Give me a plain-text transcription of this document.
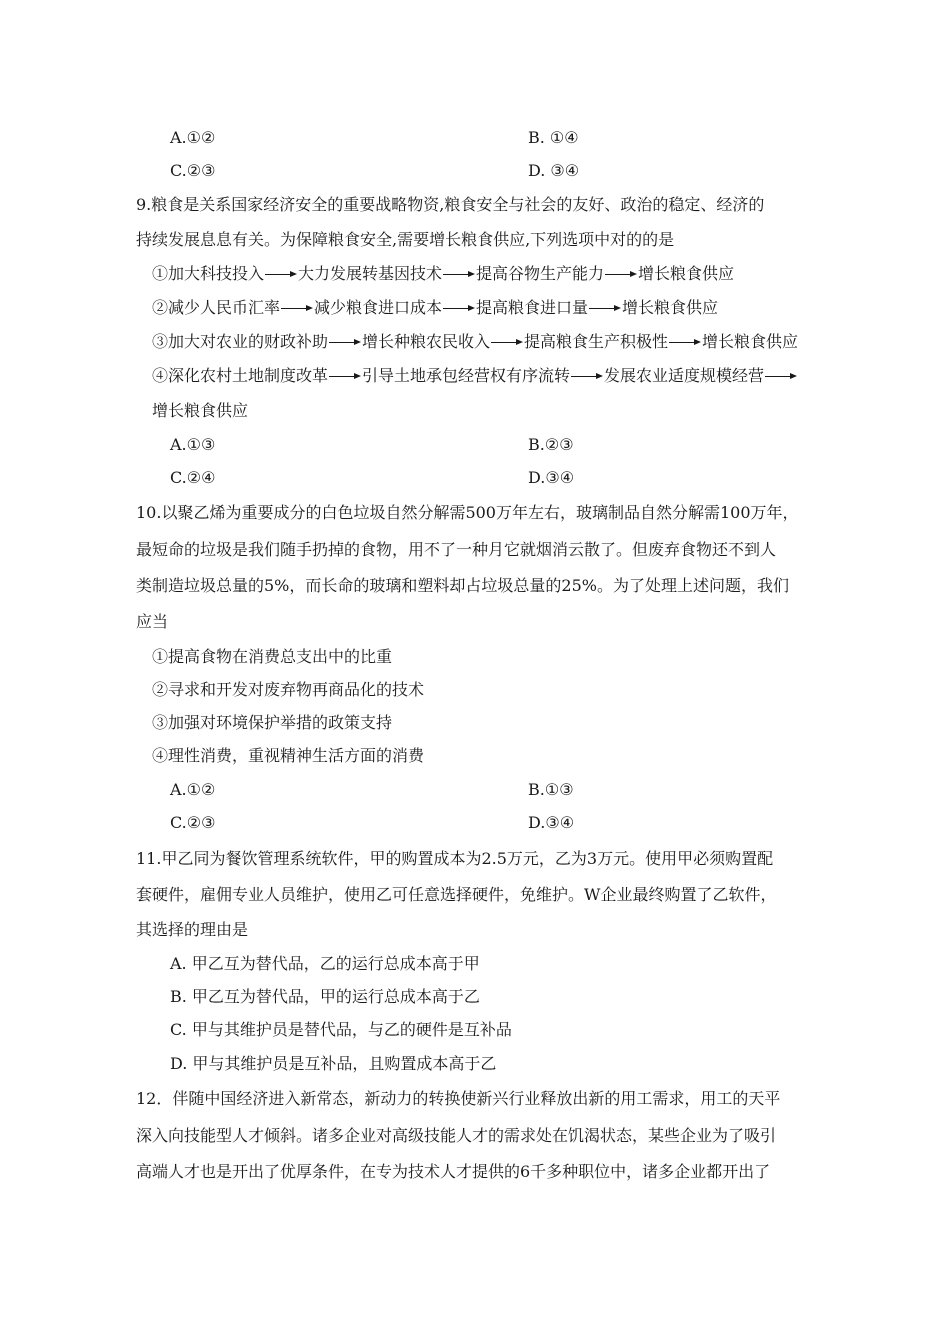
A.①②	B. ①④
C.②③	D. ③④
9.粮食是关系国家经济安全的重要战略物资,粮食安全与社会的友好、政治的稳定、经济的
持续发展息息有关。为保障粮食安全,需要增长粮食供应,下列选项中对的的是
①加大科技投入 大力发展转基因技术 提高谷物生产能力 增长粮食供应
②减少人民币汇率 减少粮食进口成本 提高粮食进口量 增长粮食供应
③加大对农业的财政补助 增长种粮农民收入 提高粮食生产积极性 增长粮食供应
④深化农村土地制度改革 引导土地承包经营权有序流转 发展农业适度规模经营
增长粮食供应
A.①③	B.②③
C.②④	D.③④
10.以聚乙烯为重要成分的白色垃圾自然分解需500万年左右，玻璃制品自然分解需100万年，
最短命的垃圾是我们随手扔掉的食物，用不了一种月它就烟消云散了。但废弃食物还不到人
类制造垃圾总量的5%，而长命的玻璃和塑料却占垃圾总量的25%。为了处理上述问题，我们
应当
①提高食物在消费总支出中的比重
②寻求和开发对废弃物再商品化的技术
③加强对环境保护举措的政策支持
④理性消费，重视精神生活方面的消费
A.①②	B.①③
C.②③	D.③④
11.甲乙同为餐饮管理系统软件，甲的购置成本为2.5万元，乙为3万元。使用甲必须购置配
套硬件，雇佣专业人员维护，使用乙可任意选择硬件，免维护。W企业最终购置了乙软件，
其选择的理由是
A. 甲乙互为替代品，乙的运行总成本高于甲
B. 甲乙互为替代品，甲的运行总成本高于乙
C. 甲与其维护员是替代品，与乙的硬件是互补品
D. 甲与其维护员是互补品，且购置成本高于乙
12．伴随中国经济进入新常态，新动力的转换使新兴行业释放出新的用工需求，用工的天平
深入向技能型人才倾斜。诸多企业对高级技能人才的需求处在饥渴状态，某些企业为了吸引
高端人才也是开出了优厚条件，在专为技术人才提供的6千多种职位中，诸多企业都开出了
